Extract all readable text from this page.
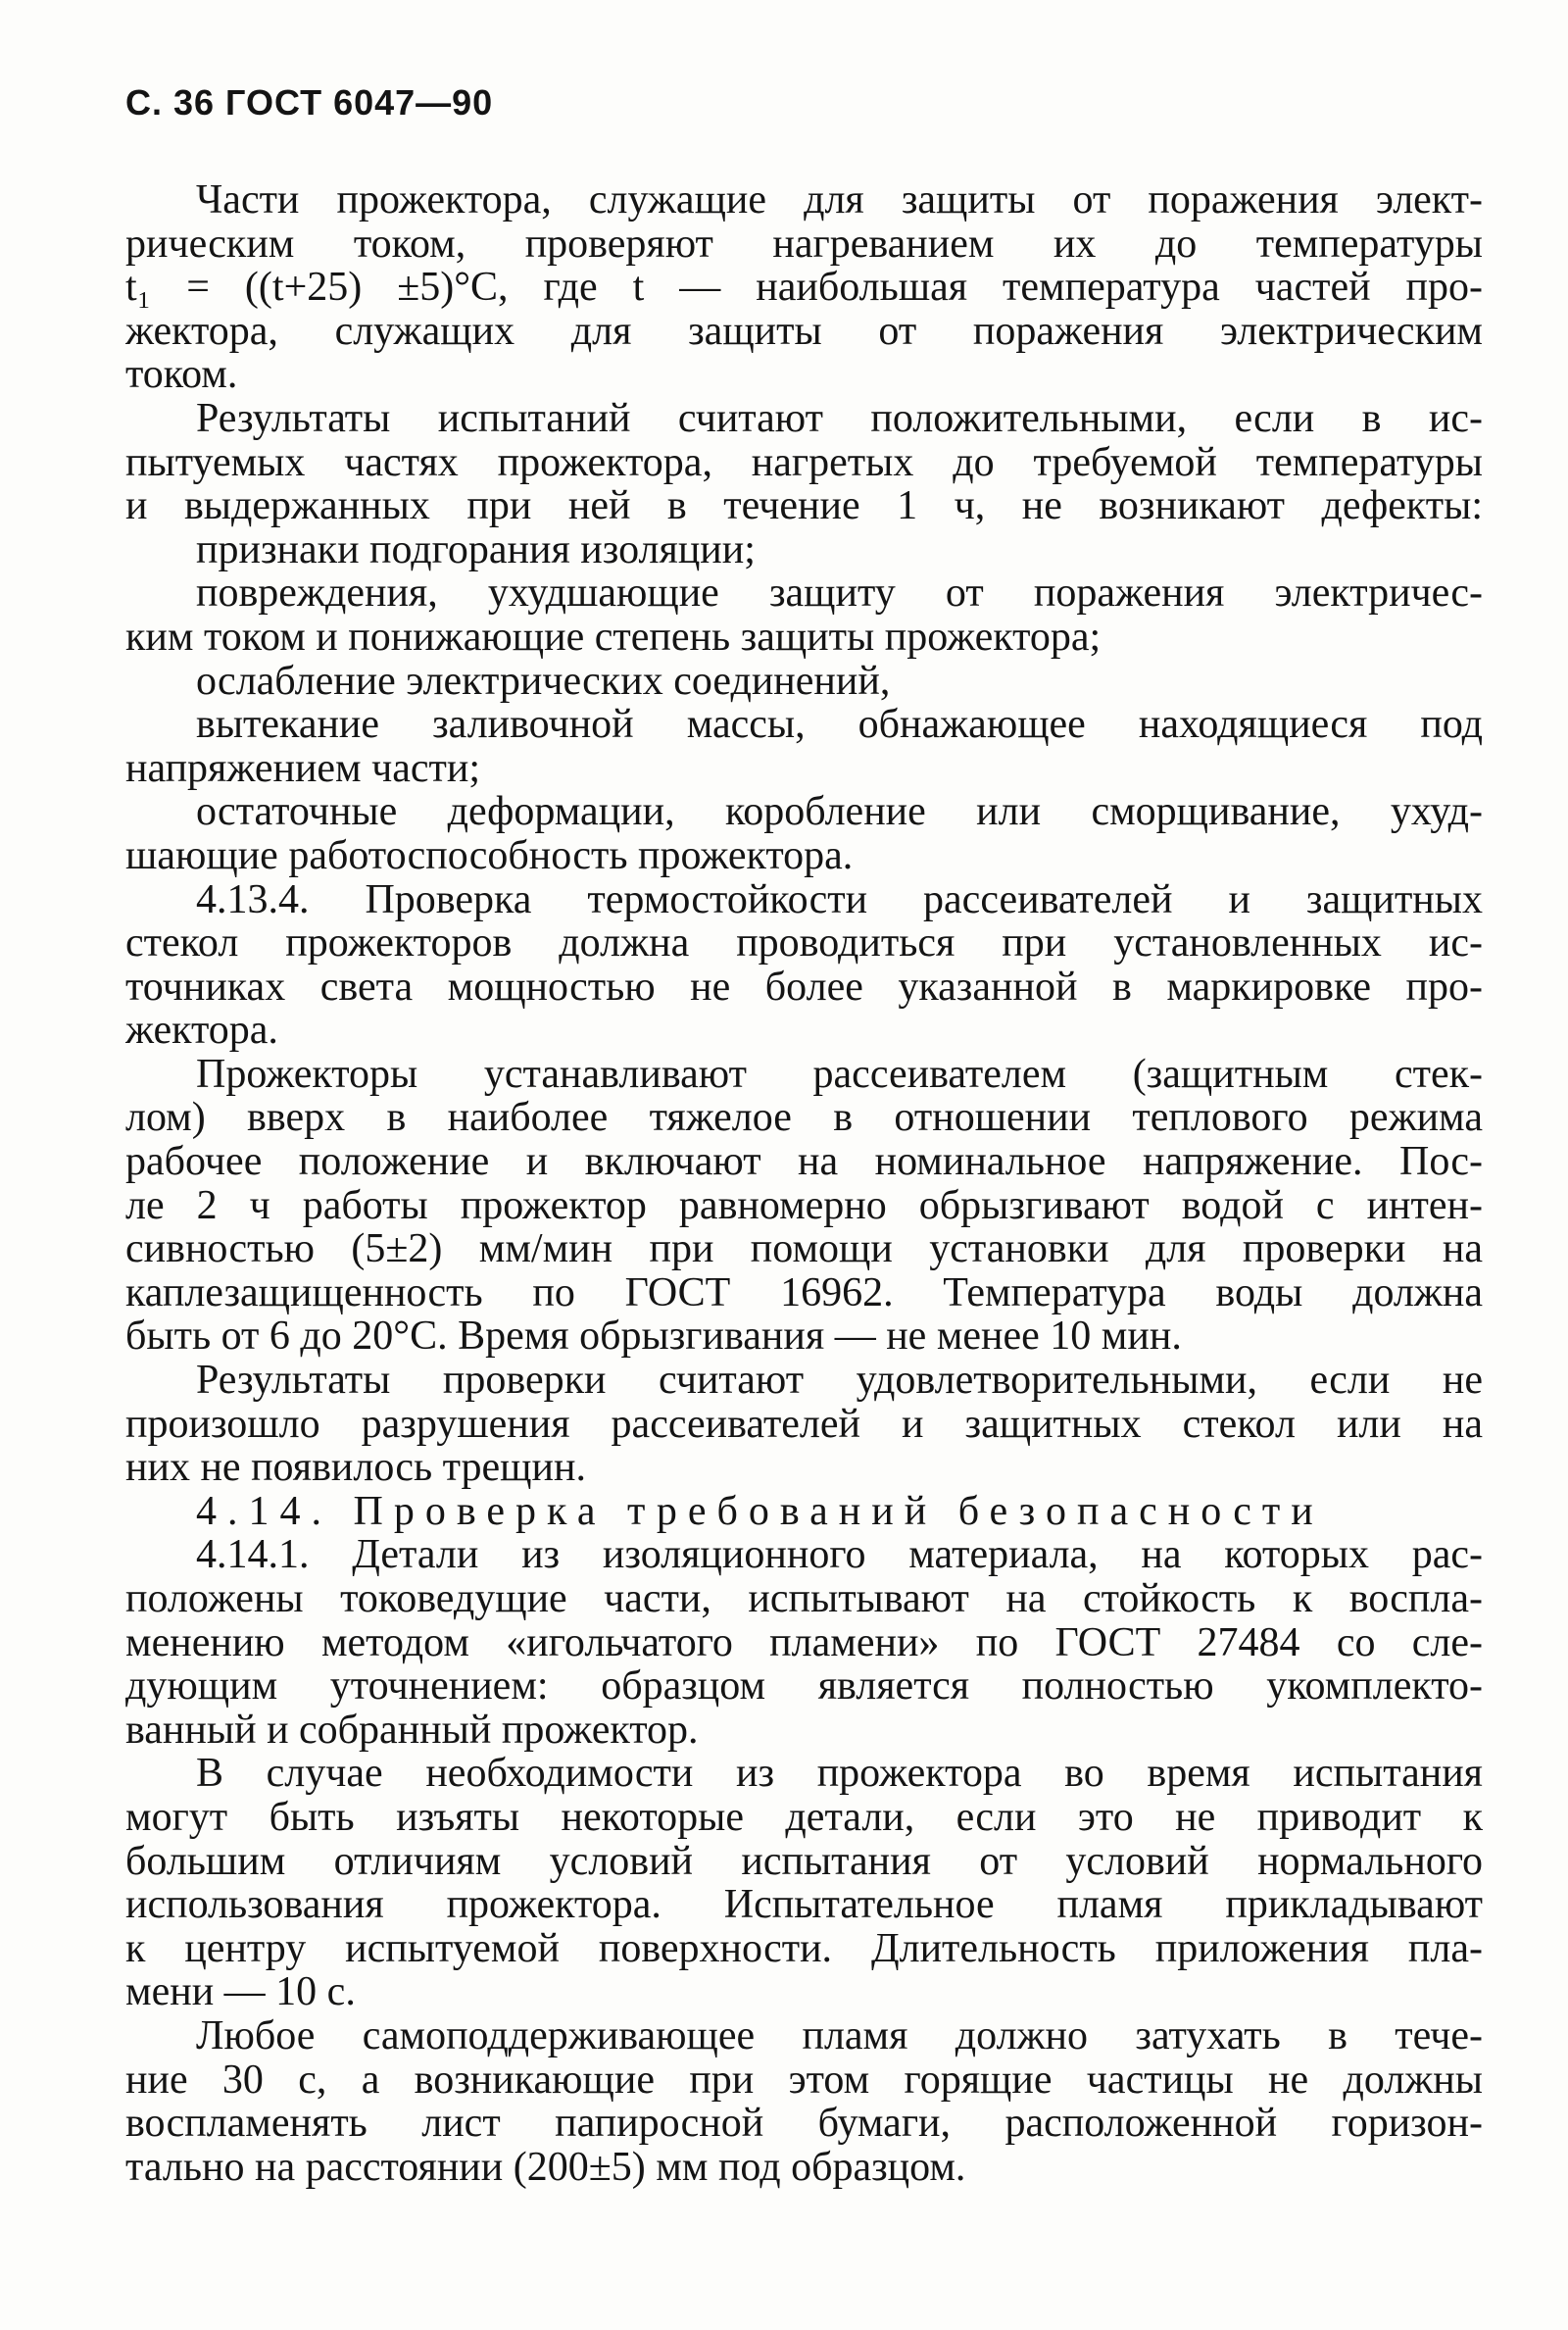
С. 36 ГОСТ 6047—90
Части прожектора, служащие для защиты от поражения элект-
рическим током, проверяют нагреванием их до температуры
t₁ = ((t+25) ±5)°С, где t — наибольшая температура частей про-
жектора, служащих для защиты от поражения электрическим
током.
Результаты испытаний считают положительными, если в ис-
пытуемых частях прожектора, нагретых до требуемой температуры
и выдержанных при ней в течение 1 ч, не возникают дефекты:
признаки подгорания изоляции;
повреждения, ухудшающие защиту от поражения электричес-
ким током и понижающие степень защиты прожектора;
ослабление электрических соединений,
вытекание заливочной массы, обнажающее находящиеся под
напряжением части;
остаточные деформации, коробление или сморщивание, ухуд-
шающие работоспособность прожектора.
4.13.4. Проверка термостойкости рассеивателей и защитных
стекол прожекторов должна проводиться при установленных ис-
точниках света мощностью не более указанной в маркировке про-
жектора.
Прожекторы устанавливают рассеивателем (защитным стек-
лом) вверх в наиболее тяжелое в отношении теплового режима
рабочее положение и включают на номинальное напряжение. Пос-
ле 2 ч работы прожектор равномерно обрызгивают водой с интен-
сивностью (5±2) мм/мин при помощи установки для проверки на
каплезащищенность по ГОСТ 16962. Температура воды должна
быть от 6 до 20°С. Время обрызгивания — не менее 10 мин.
Результаты проверки считают удовлетворительными, если не
произошло разрушения рассеивателей и защитных стекол или на
них не появилось трещин.
4.14. Проверка требований безопасности
4.14.1. Детали из изоляционного материала, на которых рас-
положены токоведущие части, испытывают на стойкость к воспла-
менению методом «игольчатого пламени» по ГОСТ 27484 со сле-
дующим уточнением: образцом является полностью укомплекто-
ванный и собранный прожектор.
В случае необходимости из прожектора во время испытания
могут быть изъяты некоторые детали, если это не приводит к
большим отличиям условий испытания от условий нормального
использования прожектора. Испытательное пламя прикладывают
к центру испытуемой поверхности. Длительность приложения пла-
мени — 10 с.
Любое самоподдерживающее пламя должно затухать в тече-
ние 30 с, а возникающие при этом горящие частицы не должны
воспламенять лист папиросной бумаги, расположенной горизон-
тально на расстоянии (200±5) мм под образцом.
